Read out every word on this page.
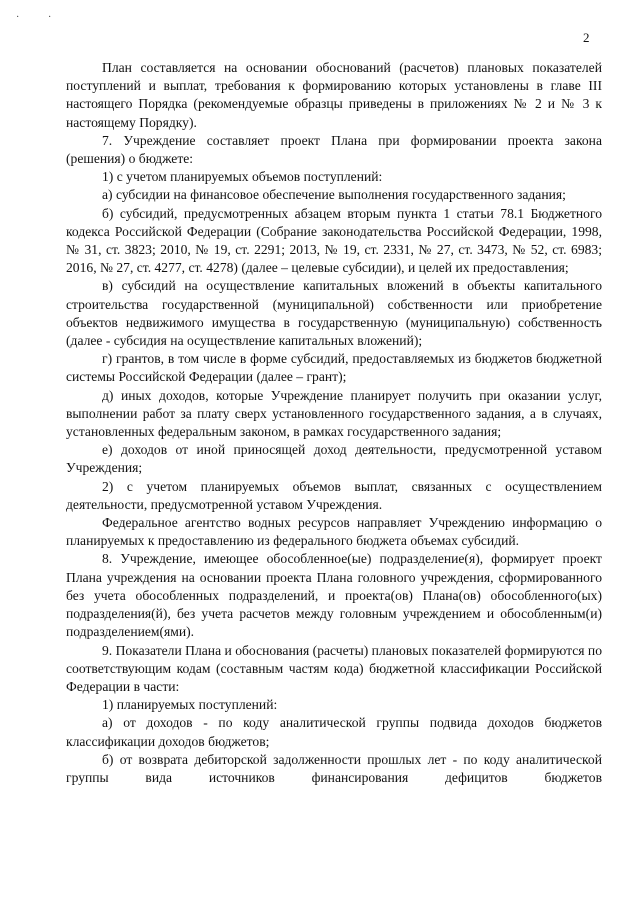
·	·
2

План составляется на основании обоснований (расчетов) плановых показателей поступлений и выплат, требования к формированию которых установлены в главе III настоящего Порядка (рекомендуемые образцы приведены в приложениях № 2 и № 3 к настоящему Порядку).

7. Учреждение составляет проект Плана при формировании проекта закона (решения) о бюджете:

1) с учетом планируемых объемов поступлений:

а) субсидии на финансовое обеспечение выполнения государственного задания;

б) субсидий, предусмотренных абзацем вторым пункта 1 статьи 78.1 Бюджетного кодекса Российской Федерации (Собрание законодательства Российской Федерации, 1998, № 31, ст. 3823; 2010, № 19, ст. 2291; 2013, № 19, ст. 2331, № 27, ст. 3473, № 52, ст. 6983; 2016, № 27, ст. 4277, ст. 4278) (далее – целевые субсидии), и целей их предоставления;

в) субсидий на осуществление капитальных вложений в объекты капитального строительства государственной (муниципальной) собственности или приобретение объектов недвижимого имущества в государственную (муниципальную) собственность (далее - субсидия на осуществление капитальных вложений);

г) грантов, в том числе в форме субсидий, предоставляемых из бюджетов бюджетной системы Российской Федерации (далее – грант);

д) иных доходов, которые Учреждение планирует получить при оказании услуг, выполнении работ за плату сверх установленного государственного задания, а в случаях, установленных федеральным законом, в рамках государственного задания;

е) доходов от иной приносящей доход деятельности, предусмотренной уставом Учреждения;

2) с учетом планируемых объемов выплат, связанных с осуществлением деятельности, предусмотренной уставом Учреждения.

Федеральное агентство водных ресурсов направляет Учреждению информацию о планируемых к предоставлению из федерального бюджета объемах субсидий.

8. Учреждение, имеющее обособленное(ые) подразделение(я), формирует проект Плана учреждения на основании проекта Плана головного учреждения, сформированного без учета обособленных подразделений, и проекта(ов) Плана(ов) обособленного(ых) подразделения(й), без учета расчетов между головным учреждением и обособленным(и) подразделением(ями).

9. Показатели Плана и обоснования (расчеты) плановых показателей формируются по соответствующим кодам (составным частям кода) бюджетной классификации Российской Федерации в части:

1) планируемых поступлений:

а) от доходов - по коду аналитической группы подвида доходов бюджетов классификации доходов бюджетов;

б) от возврата дебиторской задолженности прошлых лет - по коду аналитической группы вида источников финансирования дефицитов бюджетов
